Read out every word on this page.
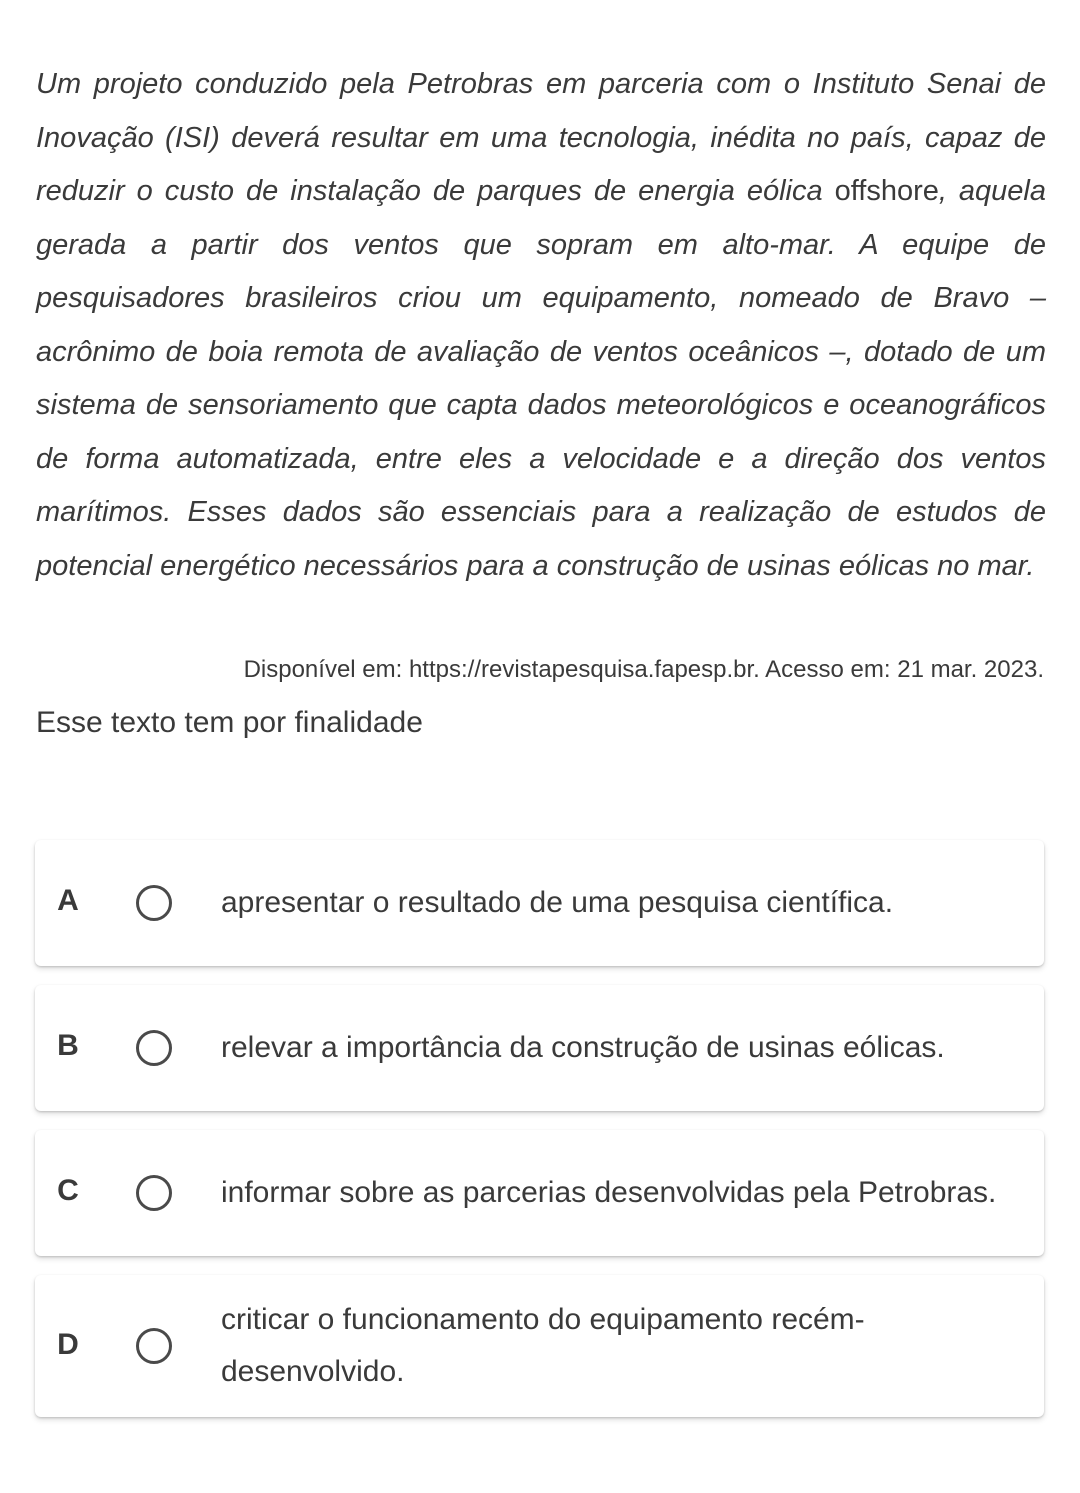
Um projeto conduzido pela Petrobras em parceria com o Instituto Senai de Inovação (ISI) deverá resultar em uma tecnologia, inédita no país, capaz de reduzir o custo de instalação de parques de energia eólica offshore, aquela gerada a partir dos ventos que sopram em alto-mar. A equipe de pesquisadores brasileiros criou um equipamento, nomeado de Bravo – acrônimo de boia remota de avaliação de ventos oceânicos –, dotado de um sistema de sensoriamento que capta dados meteorológicos e oceanográficos de forma automatizada, entre eles a velocidade e a direção dos ventos marítimos. Esses dados são essenciais para a realização de estudos de potencial energético necessários para a construção de usinas eólicas no mar.

Disponível em: https://revistapesquisa.fapesp.br. Acesso em: 21 mar. 2023.

Esse texto tem por finalidade

A	apresentar o resultado de uma pesquisa científica.
B	relevar a importância da construção de usinas eólicas.
C	informar sobre as parcerias desenvolvidas pela Petrobras.
D
criticar o funcionamento do equipamento recém-desenvolvido.
